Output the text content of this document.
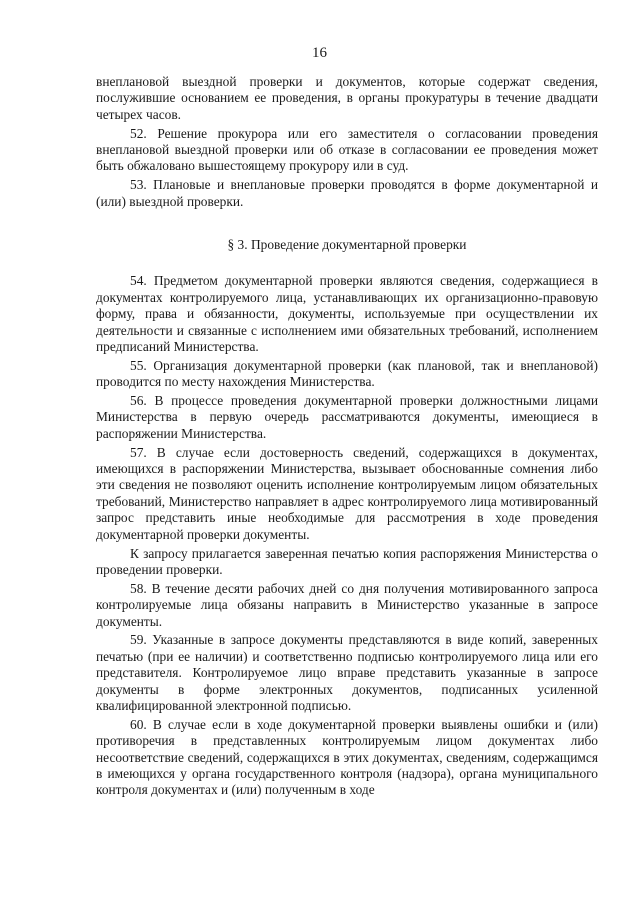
16

внеплановой выездной проверки и документов, которые содержат сведения, послужившие основанием ее проведения, в органы прокуратуры в течение двадцати четырех часов.

52. Решение прокурора или его заместителя о согласовании проведения внеплановой выездной проверки или об отказе в согласовании ее проведения может быть обжаловано вышестоящему прокурору или в суд.

53. Плановые и внеплановые проверки проводятся в форме документарной и (или) выездной проверки.

§ 3. Проведение документарной проверки

54. Предметом документарной проверки являются сведения, содержащиеся в документах контролируемого лица, устанавливающих их организационно-правовую форму, права и обязанности, документы, используемые при осуществлении их деятельности и связанные с исполнением ими обязательных требований, исполнением предписаний Министерства.

55. Организация документарной проверки (как плановой, так и внеплановой) проводится по месту нахождения Министерства.

56. В процессе проведения документарной проверки должностными лицами Министерства в первую очередь рассматриваются документы, имеющиеся в распоряжении Министерства.

57. В случае если достоверность сведений, содержащихся в документах, имеющихся в распоряжении Министерства, вызывает обоснованные сомнения либо эти сведения не позволяют оценить исполнение контролируемым лицом обязательных требований, Министерство направляет в адрес контролируемого лица мотивированный запрос представить иные необходимые для рассмотрения в ходе проведения документарной проверки документы.

К запросу прилагается заверенная печатью копия распоряжения Министерства о проведении проверки.

58. В течение десяти рабочих дней со дня получения мотивированного запроса контролируемые лица обязаны направить в Министерство указанные в запросе документы.

59. Указанные в запросе документы представляются в виде копий, заверенных печатью (при ее наличии) и соответственно подписью контролируемого лица или его представителя. Контролируемое лицо вправе представить указанные в запросе документы в форме электронных документов, подписанных усиленной квалифицированной электронной подписью.

60. В случае если в ходе документарной проверки выявлены ошибки и (или) противоречия в представленных контролируемым лицом документах либо несоответствие сведений, содержащихся в этих документах, сведениям, содержащимся в имеющихся у органа государственного контроля (надзора), органа муниципального контроля документах и (или) полученным в ходе
